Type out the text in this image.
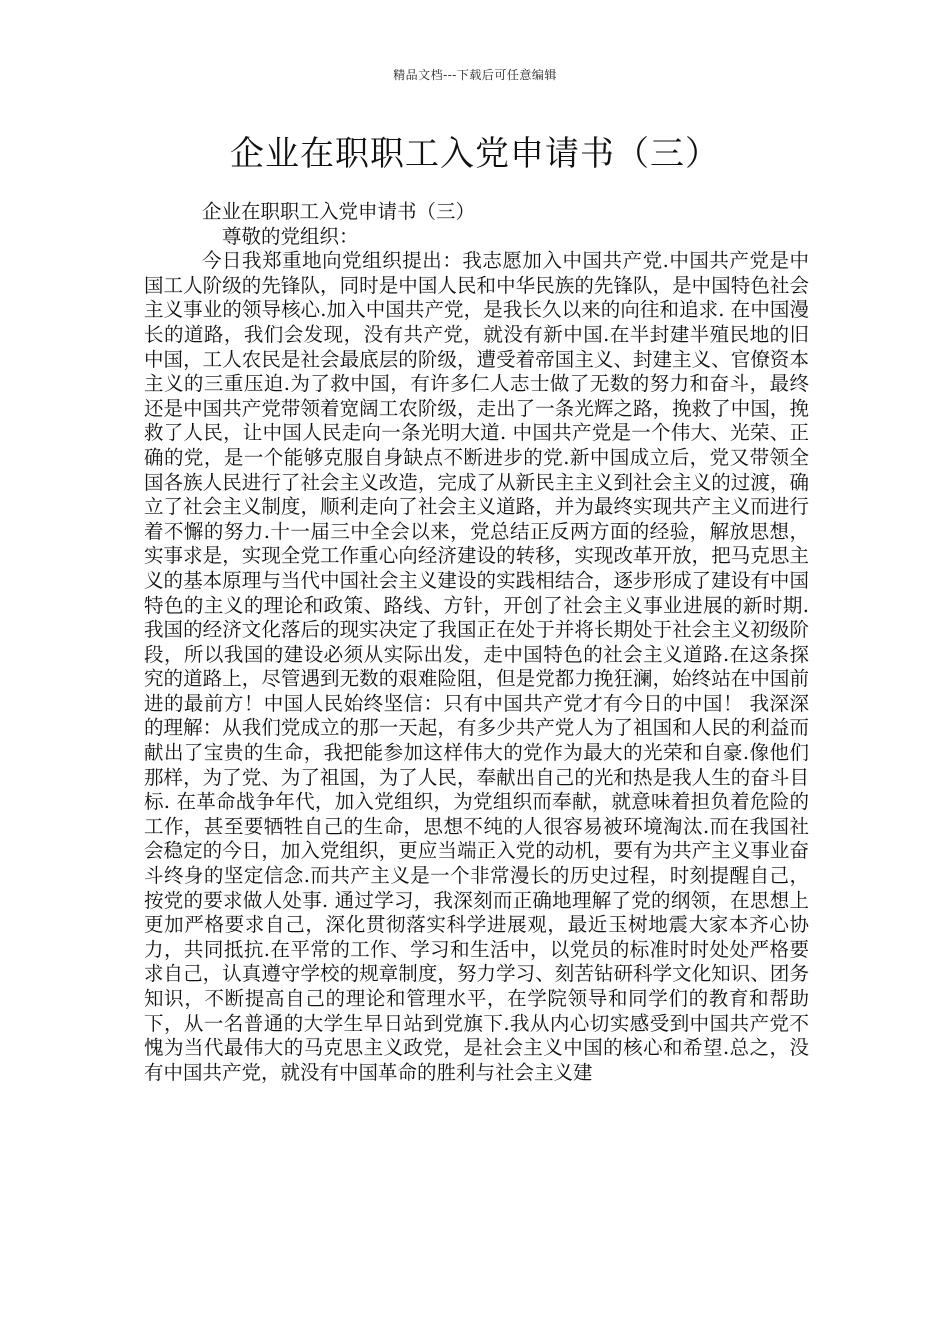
精品文档---下载后可任意编辑
企业在职职工入党申请书（三）

企业在职职工入党申请书（三）

尊敬的党组织：

今日我郑重地向党组织提出：我志愿加入中国共产党.中国共产党是中国工人阶级的先锋队，同时是中国人民和中华民族的先锋队，是中国特色社会主义事业的领导核心.加入中国共产党，是我长久以来的向往和追求. 在中国漫长的道路，我们会发现，没有共产党，就没有新中国.在半封建半殖民地的旧中国，工人农民是社会最底层的阶级，遭受着帝国主义、封建主义、官僚资本主义的三重压迫.为了救中国，有许多仁人志士做了无数的努力和奋斗，最终还是中国共产党带领着宽阔工农阶级，走出了一条光辉之路，挽救了中国，挽救了人民，让中国人民走向一条光明大道. 中国共产党是一个伟大、光荣、正确的党，是一个能够克服自身缺点不断进步的党.新中国成立后，党又带领全国各族人民进行了社会主义改造，完成了从新民主主义到社会主义的过渡，确立了社会主义制度，顺利走向了社会主义道路，并为最终实现共产主义而进行着不懈的努力.十一届三中全会以来，党总结正反两方面的经验，解放思想，实事求是，实现全党工作重心向经济建设的转移，实现改革开放，把马克思主义的基本原理与当代中国社会主义建设的实践相结合，逐步形成了建设有中国特色的主义的理论和政策、路线、方针，开创了社会主义事业进展的新时期. 我国的经济文化落后的现实决定了我国正在处于并将长期处于社会主义初级阶段，所以我国的建设必须从实际出发，走中国特色的社会主义道路.在这条探究的道路上，尽管遇到无数的艰难险阻，但是党都力挽狂澜，始终站在中国前进的最前方！中国人民始终坚信：只有中国共产党才有今日的中国！ 我深深的理解：从我们党成立的那一天起，有多少共产党人为了祖国和人民的利益而献出了宝贵的生命，我把能参加这样伟大的党作为最大的光荣和自豪.像他们那样，为了党、为了祖国，为了人民，奉献出自己的光和热是我人生的奋斗目标. 在革命战争年代，加入党组织，为党组织而奉献，就意味着担负着危险的工作，甚至要牺牲自己的生命，思想不纯的人很容易被环境淘汰.而在我国社会稳定的今日，加入党组织，更应当端正入党的动机，要有为共产主义事业奋斗终身的坚定信念.而共产主义是一个非常漫长的历史过程，时刻提醒自己，按党的要求做人处事. 通过学习，我深刻而正确地理解了党的纲领，在思想上更加严格要求自己，深化贯彻落实科学进展观，最近玉树地震大家本齐心协力，共同抵抗.在平常的工作、学习和生活中，以党员的标准时时处处严格要求自己，认真遵守学校的规章制度，努力学习、刻苦钻研科学文化知识、团务知识，不断提高自己的理论和管理水平，在学院领导和同学们的教育和帮助下，从一名普通的大学生早日站到党旗下.我从内心切实感受到中国共产党不愧为当代最伟大的马克思主义政党，是社会主义中国的核心和希望.总之，没有中国共产党，就没有中国革命的胜利与社会主义建
